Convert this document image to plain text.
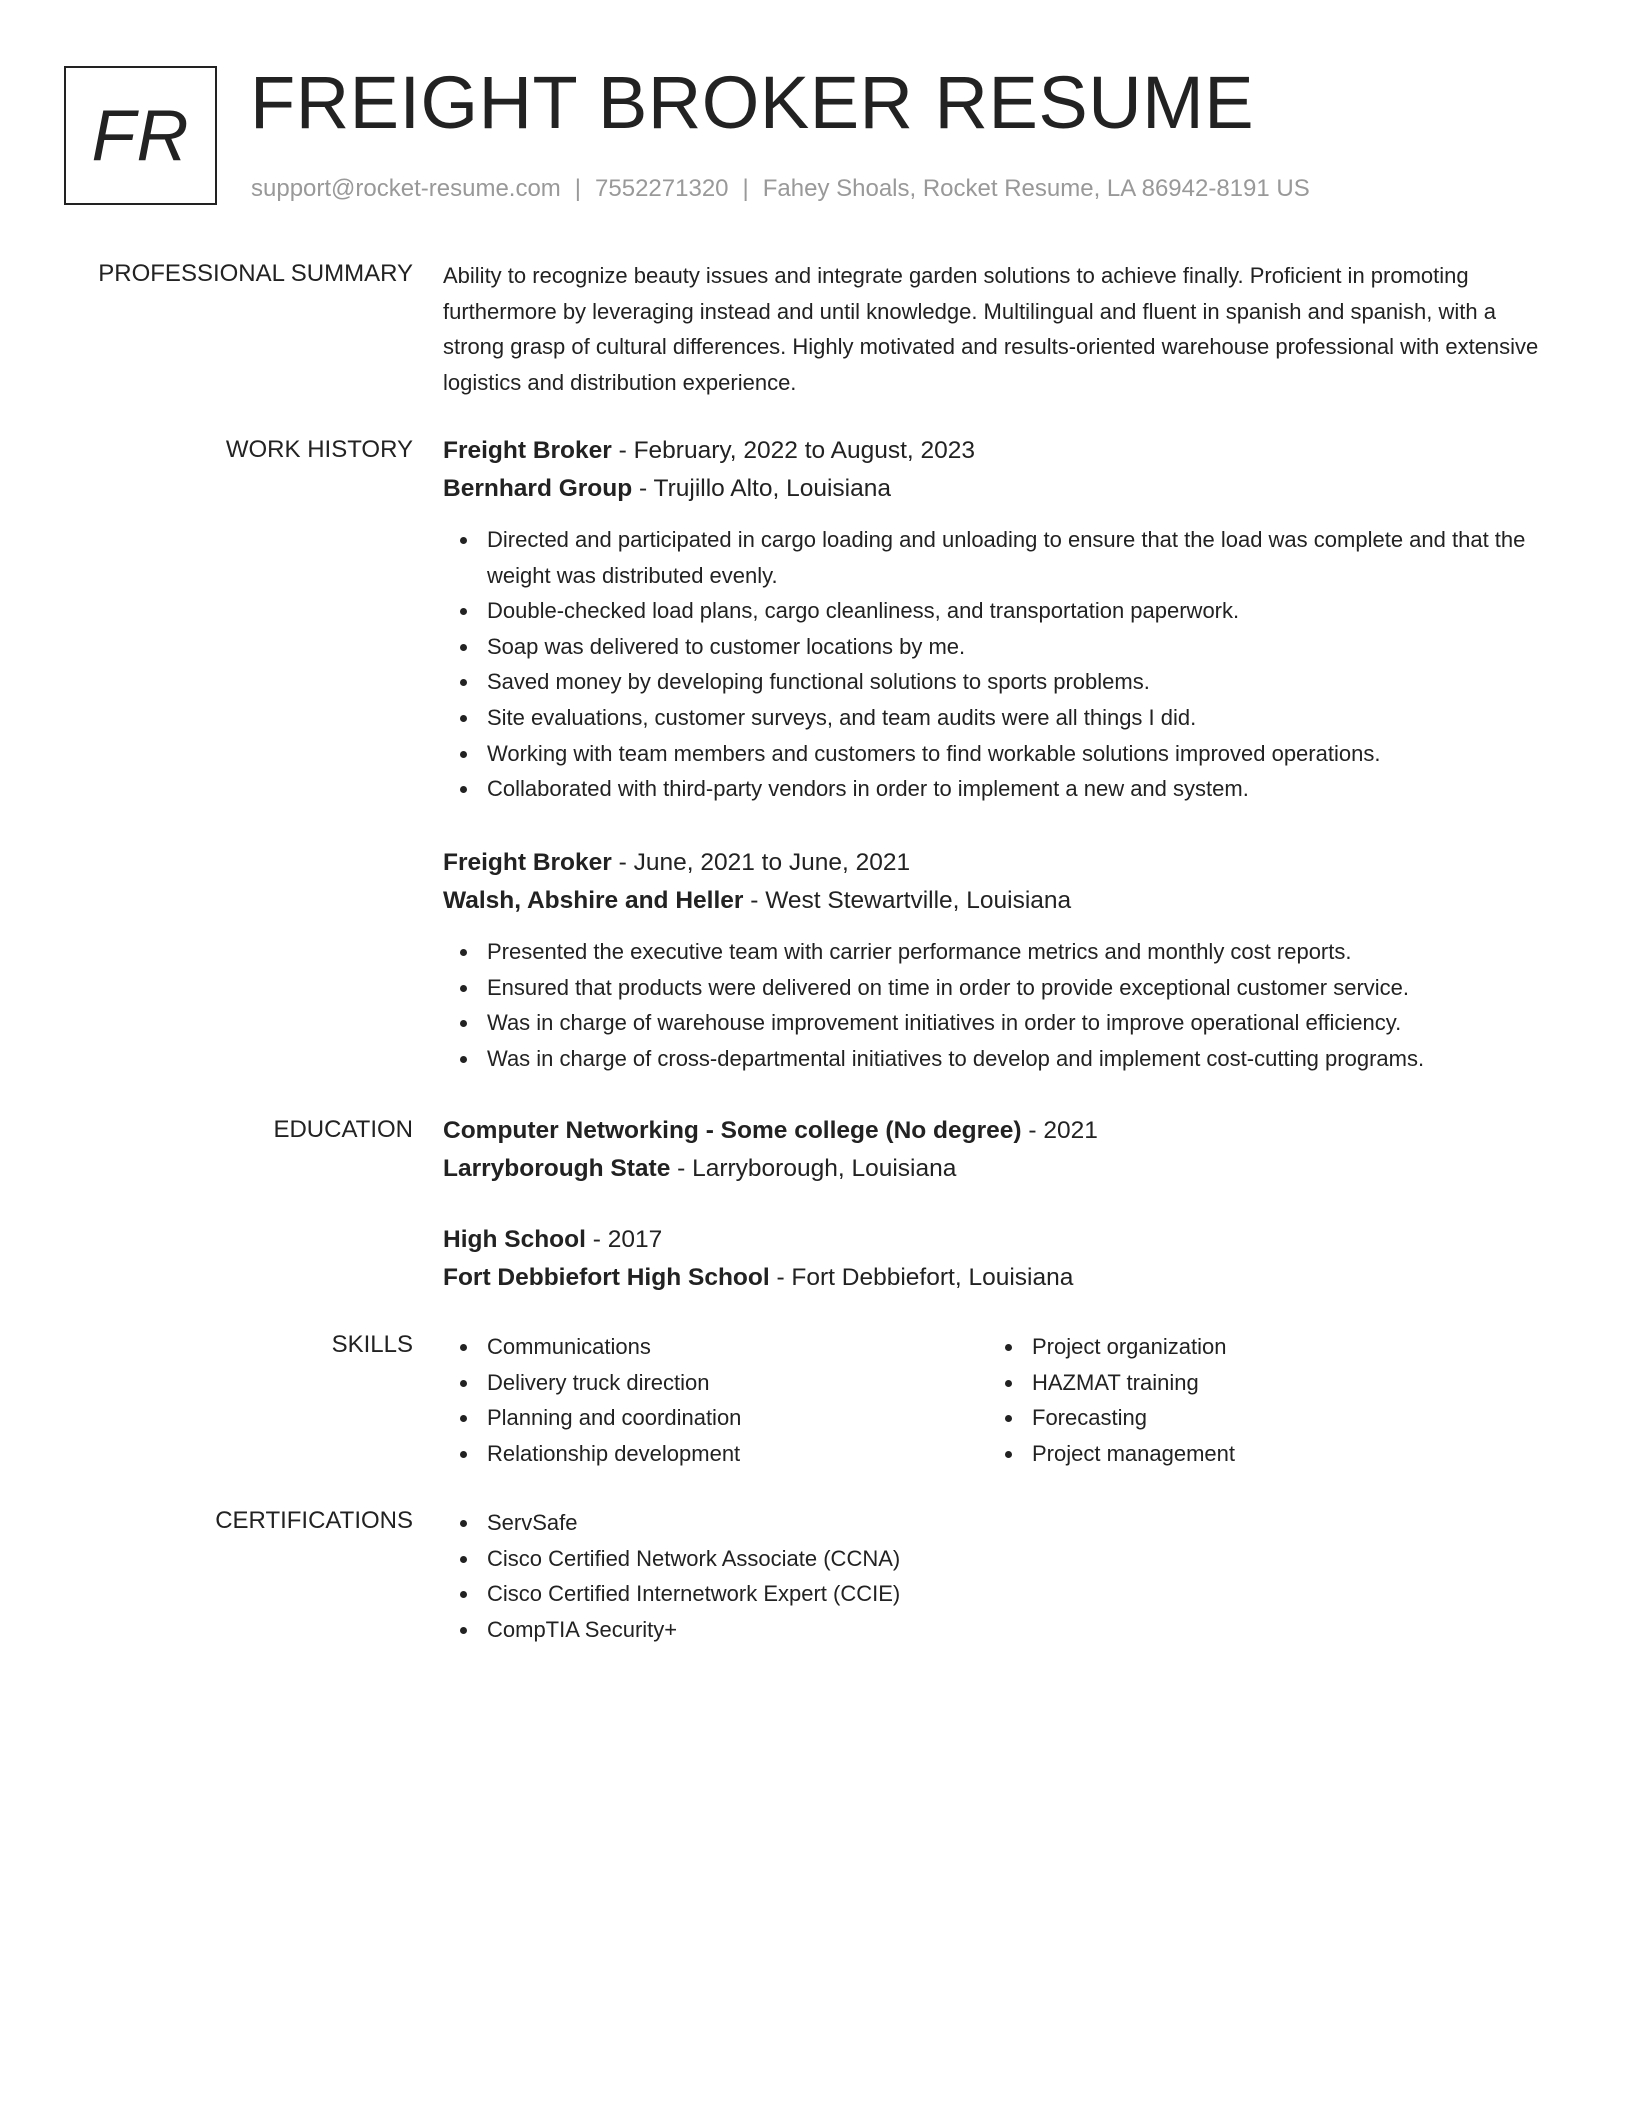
FR FREIGHT BROKER RESUME
support@rocket-resume.com | 7552271320 | Fahey Shoals, Rocket Resume, LA 86942-8191 US
PROFESSIONAL SUMMARY Ability to recognize beauty issues and integrate garden solutions to achieve finally. Proficient in promoting furthermore by leveraging instead and until knowledge. Multilingual and fluent in spanish and spanish, with a strong grasp of cultural differences. Highly motivated and results-oriented warehouse professional with extensive logistics and distribution experience.

WORK HISTORY Freight Broker - February, 2022 to August, 2023
Bernhard Group - Trujillo Alto, Louisiana
Directed and participated in cargo loading and unloading to ensure that the load was complete and that the weight was distributed evenly.
Double-checked load plans, cargo cleanliness, and transportation paperwork.
Soap was delivered to customer locations by me.
Saved money by developing functional solutions to sports problems.
Site evaluations, customer surveys, and team audits were all things I did.
Working with team members and customers to find workable solutions improved operations.
Collaborated with third-party vendors in order to implement a new and system.
Freight Broker - June, 2021 to June, 2021
Walsh, Abshire and Heller - West Stewartville, Louisiana
Presented the executive team with carrier performance metrics and monthly cost reports.
Ensured that products were delivered on time in order to provide exceptional customer service.
Was in charge of warehouse improvement initiatives in order to improve operational efficiency.
Was in charge of cross-departmental initiatives to develop and implement cost-cutting programs.
EDUCATION Computer Networking - Some college (No degree) - 2021
Larryborough State - Larryborough, Louisiana
High School - 2017
Fort Debbiefort High School - Fort Debbiefort, Louisiana
SKILLS	Communications
Delivery truck direction
Planning and coordination
Relationship development
Project organization
HAZMAT training
Forecasting
Project management
CERTIFICATIONS	ServSafe
Cisco Certified Network Associate (CCNA)
Cisco Certified Internetwork Expert (CCIE)
CompTIA Security+
